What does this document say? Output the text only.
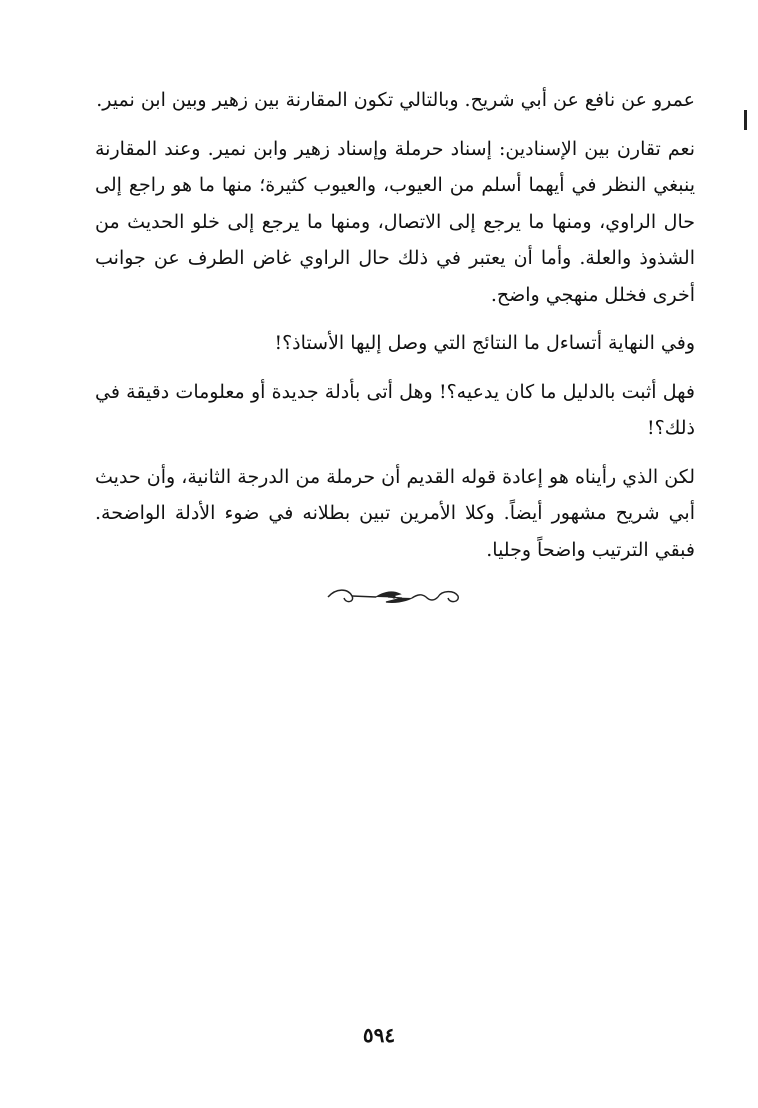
عمرو عن نافع عن أبي شريح. وبالتالي تكون المقارنة بين زهير وبين ابن نمير.

نعم تقارن بين الإسنادين: إسناد حرملة وإسناد زهير وابن نمير. وعند المقارنة ينبغي النظر في أيهما أسلم من العيوب، والعيوب كثيرة؛ منها ما هو راجع إلى حال الراوي، ومنها ما يرجع إلى الاتصال، ومنها ما يرجع إلى خلو الحديث من الشذوذ والعلة. وأما أن يعتبر في ذلك حال الراوي غاض الطرف عن جوانب أخرى فخلل منهجي واضح.

وفي النهاية أتساءل ما النتائج التي وصل إليها الأستاذ؟!

فهل أثبت بالدليل ما كان يدعيه؟! وهل أتى بأدلة جديدة أو معلومات دقيقة في ذلك؟!

لكن الذي رأيناه هو إعادة قوله القديم أن حرملة من الدرجة الثانية، وأن حديث أبي شريح مشهور أيضاً. وكلا الأمرين تبين بطلانه في ضوء الأدلة الواضحة. فبقي الترتيب واضحاً وجليا.

٥٩٤
